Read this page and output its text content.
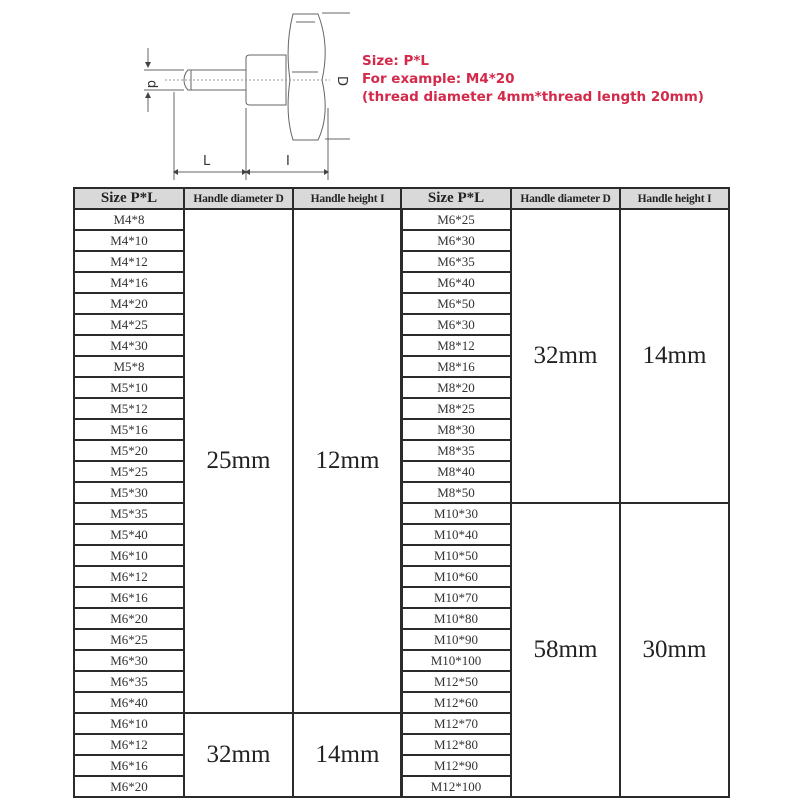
d	D
L	I
Size: P*L
For example: M4*20
(thread diameter 4mm*thread length 20mm)
Size P*L	Handle diameter D	Handle height I
M4*8	25mm	12mm
M4*10		
M4*12		
M4*16		
M4*20		
M4*25		
M4*30		
M5*8		
M5*10		
M5*12		
M5*16		
M5*20		
M5*25		
M5*30		
M5*35		
M5*40		
M6*10		
M6*12		
M6*16		
M6*20		
M6*25		
M6*30		
M6*35		
M6*40		
M6*10	32mm	14mm
M6*12		
M6*16		
M6*20		
Size P*L	Handle diameter D	Handle height I
M6*25	32mm	14mm
M6*30		
M6*35		
M6*40		
M6*50		
M6*30		
M8*12		
M8*16		
M8*20		
M8*25		
M8*30		
M8*35		
M8*40		
M8*50		
M10*30	58mm	30mm
M10*40		
M10*50		
M10*60		
M10*70		
M10*80		
M10*90		
M10*100		
M12*50		
M12*60		
M12*70		
M12*80		
M12*90		
M12*100		
